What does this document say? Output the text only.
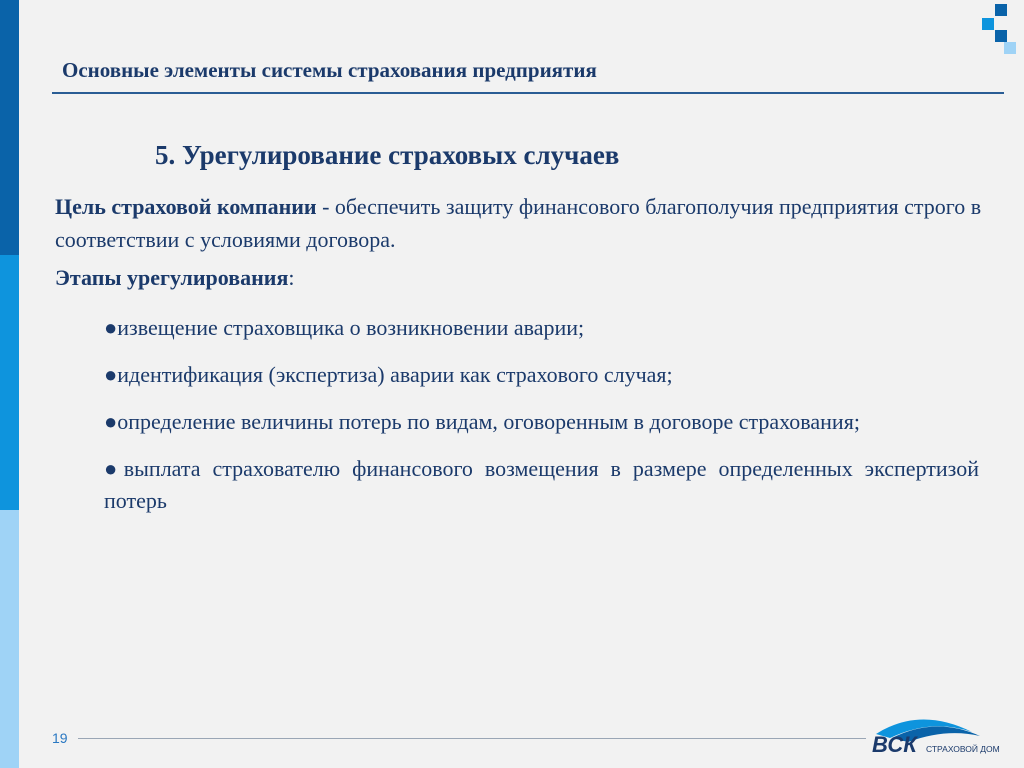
Основные элементы системы страхования предприятия
5. Урегулирование страховых случаев
Цель страховой компании - обеспечить защиту финансового благополучия предприятия строго в соответствии с условиями договора.
Этапы урегулирования:
●извещение страховщика о возникновении аварии;
●идентификация (экспертиза) аварии как страхового случая;
●определение величины потерь по видам, оговоренным в договоре страхования;
●выплата страхователю финансового возмещения в размере определенных экспертизой потерь
19	ВСК СТРАХОВОЙ ДОМ
